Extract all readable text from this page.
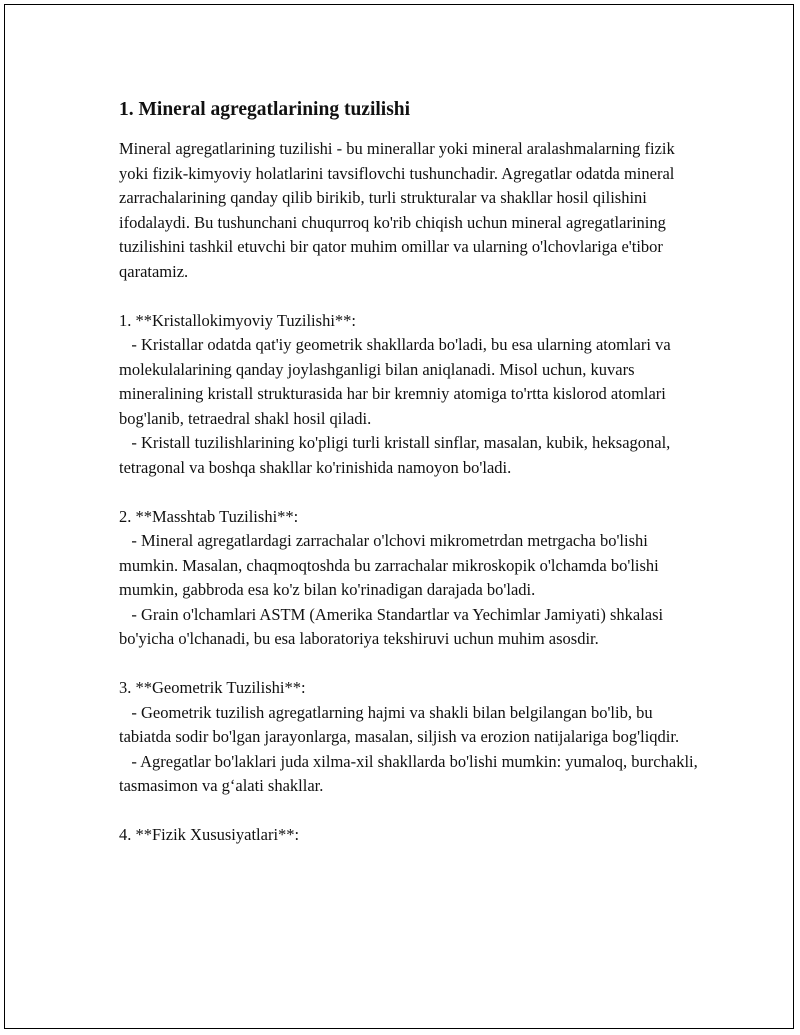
1. Mineral agregatlarining tuzilishi

Mineral agregatlarining tuzilishi - bu minerallar yoki mineral aralashmalarning fizik yoki fizik-kimyoviy holatlarini tavsiflovchi tushunchadir. Agregatlar odatda mineral zarrachalarining qanday qilib birikib, turli strukturalar va shakllar hosil qilishini ifodalaydi. Bu tushunchani chuqurroq ko'rib chiqish uchun mineral agregatlarining tuzilishini tashkil etuvchi bir qator muhim omillar va ularning o'lchovlariga e'tibor qaratamiz.

1. **Kristallokimyoviy Tuzilishi**:
- Kristallar odatda qat'iy geometrik shakllarda bo'ladi, bu esa ularning atomlari va molekulalarining qanday joylashganligi bilan aniqlanadi. Misol uchun, kuvars mineralining kristall strukturasida har bir kremniy atomiga to'rtta kislorod atomlari bog'lanib, tetraedral shakl hosil qiladi.
- Kristall tuzilishlarining ko'pligi turli kristall sinflar, masalan, kubik, heksagonal, tetragonal va boshqa shakllar ko'rinishida namoyon bo'ladi.
2. **Masshtab Tuzilishi**:
- Mineral agregatlardagi zarrachalar o'lchovi mikrometrdan metrgacha bo'lishi mumkin. Masalan, chaqmoqtoshda bu zarrachalar mikroskopik o'lchamda bo'lishi mumkin, gabbroda esa ko'z bilan ko'rinadigan darajada bo'ladi.
- Grain o'lchamlari ASTM (Amerika Standartlar va Yechimlar Jamiyati) shkalasi bo'yicha o'lchanadi, bu esa laboratoriya tekshiruvi uchun muhim asosdir.
3. **Geometrik Tuzilishi**:
- Geometrik tuzilish agregatlarning hajmi va shakli bilan belgilangan bo'lib, bu tabiatda sodir bo'lgan jarayonlarga, masalan, siljish va erozion natijalariga bog'liqdir.
- Agregatlar bo'laklari juda xilma-xil shakllarda bo'lishi mumkin: yumaloq, burchakli, tasmasimon va g‘alati shakllar.
4. **Fizik Xususiyatlari**:
